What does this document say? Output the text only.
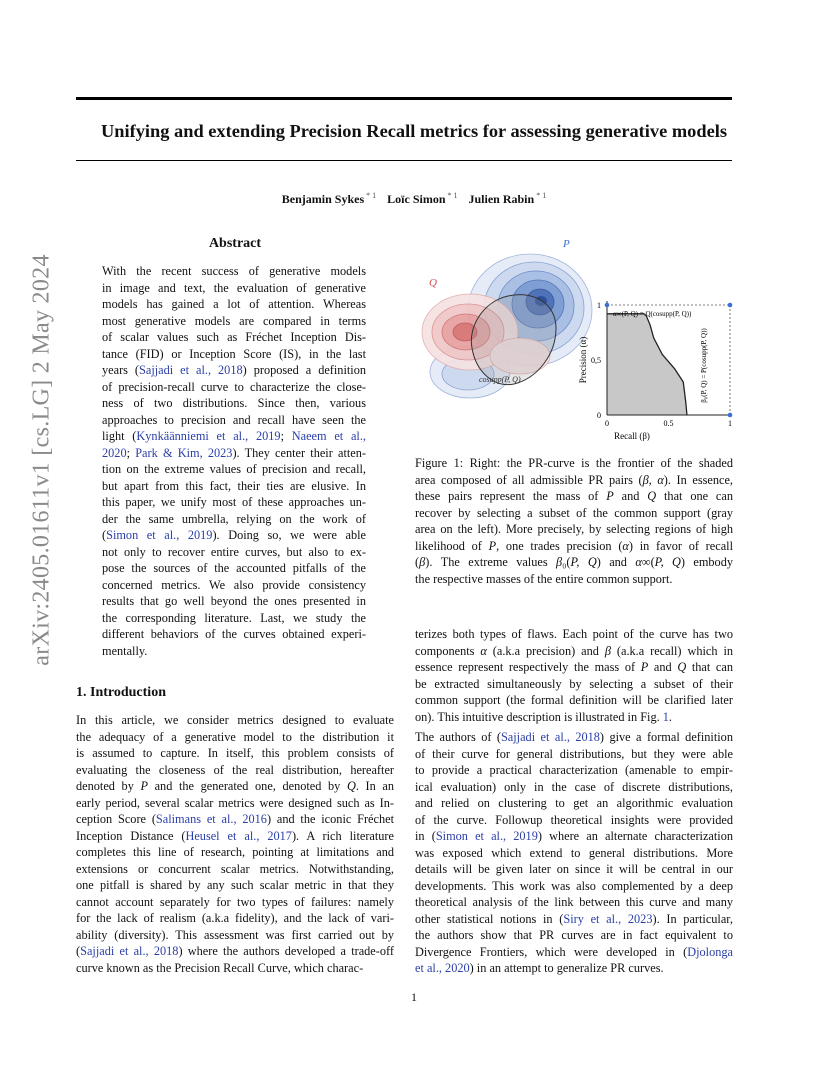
Unifying and extending Precision Recall metrics for assessing generative models
Benjamin Sykes $^{* 1}$ Loïc Simon $^{* 1}$ Julien Rabin $^{* 1}$
arXiv:2405.01611v1 [cs.LG] 2 May 2024
Abstract
With the recent success of generative models
in image and text, the evaluation of generative
models has gained a lot of attention. Whereas
most generative models are compared in terms
of scalar values such as Fréchet Inception Dis-
tance (FID) or Inception Score (IS), in the last
years (Sajjadi et al., 2018) proposed a definition
of precision-recall curve to characterize the close-
ness of two distributions. Since then, various
approaches to precision and recall have seen the
light (Kynkäänniemi et al., 2019; Naeem et al.,
2020; Park & Kim, 2023). They center their atten-
tion on the extreme values of precision and recall,
but apart from this fact, their ties are elusive. In
this paper, we unify most of these approaches un-
der the same umbrella, relying on the work of
(Simon et al., 2019). Doing so, we were able
not only to recover entire curves, but also to ex-
pose the sources of the accounted pitfalls of the
concerned metrics. We also provide consistency
results that go well beyond the ones presented in
the corresponding literature. Last, we study the
different behaviors of the curves obtained experi-
mentally.
1. Introduction
In this article, we consider metrics designed to evaluate
the adequacy of a generative model to the distribution it
is assumed to capture. In itself, this problem consists of
evaluating the closeness of the real distribution, hereafter
denoted by P and the generated one, denoted by Q. In an
early period, several scalar metrics were designed such as In-
ception Score (Salimans et al., 2016) and the iconic Fréchet
Inception Distance (Heusel et al., 2017). A rich literature
completes this line of research, pointing at limitations and
extensions or concurrent scalar metrics. Notwithstanding,
one pitfall is shared by any such scalar metric in that they
cannot account separately for two types of failures: namely
for the lack of realism (a.k.a fidelity), and the lack of vari-
ability (diversity). This assessment was first carried out by
(Sajjadi et al., 2018) where the authors developed a trade-off
curve known as the Precision Recall Curve, which charac-
P
Q
cosupp(P, Q)
0	0.5	1
0
0,5
1
α∞(P, Q) = Q(cosupp(P, Q))
β₀(P, Q) = P(cosupp(P, Q))
Recall (β)
Precision (α)
Figure 1: Right: the PR-curve is the frontier of the shaded
area composed of all admissible PR pairs (β, α). In essence,
these pairs represent the mass of P and Q that one can
recover by selecting a subset of the common support (gray
area on the left). More precisely, by selecting regions of high
likelihood of P, one trades precision (α) in favor of recall
(β). The extreme values β₀(P, Q) and α∞(P, Q) embody
the respective masses of the entire common support.
terizes both types of flaws. Each point of the curve has two
components α (a.k.a precision) and β (a.k.a recall) which in
essence represent respectively the mass of P and Q that can
be extracted simultaneously by selecting a subset of their
common support (the formal definition will be clarified later
on). This intuitive description is illustrated in Fig. 1.
The authors of (Sajjadi et al., 2018) give a formal definition
of their curve for general distributions, but they were able
to provide a practical characterization (amenable to empir-
ical evaluation) only in the case of discrete distributions,
and relied on clustering to get an algorithmic evaluation
of the curve. Followup theoretical insights were provided
in (Simon et al., 2019) where an alternate characterization
was exposed which extend to general distributions. More
details will be given later on since it will be central in our
developments. This work was also complemented by a deep
theoretical analysis of the link between this curve and many
other statistical notions in (Siry et al., 2023). In particular,
the authors show that PR curves are in fact equivalent to
Divergence Frontiers, which were developed in (Djolonga
et al., 2020) in an attempt to generalize PR curves.
1
